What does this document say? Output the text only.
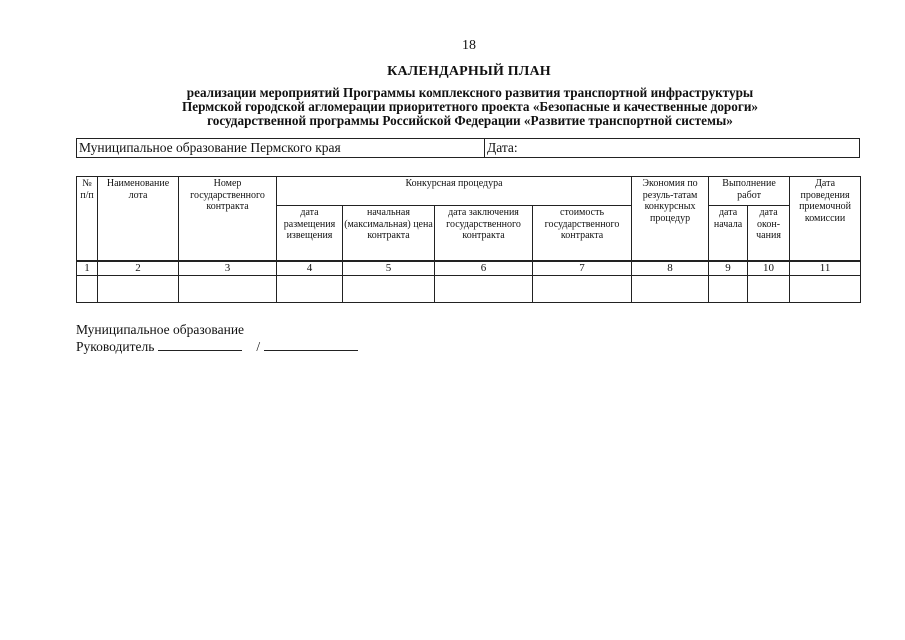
18
КАЛЕНДАРНЫЙ ПЛАН
реализации мероприятий Программы комплексного развития транспортной инфраструктуры
Пермской городской агломерации приоритетного проекта «Безопасные и качественные дороги»
государственной программы Российской Федерации «Развитие транспортной системы»
Муниципальное образование Пермского края	Дата:
№ п/п	Наименование лота	Номер государственного контракта	Конкурсная процедура				Экономия по резуль-татам конкурсных процедур	Выполнение работ		Дата проведения приемочной комиссии
			дата размещения извещения	начальная (максимальная) цена контракта	дата заключения государственного контракта	стоимость государственного контракта		дата начала	дата окон-чания	
1	2	3	4	5	6	7	8	9	10	11

Муниципальное образование
Руководитель	/
